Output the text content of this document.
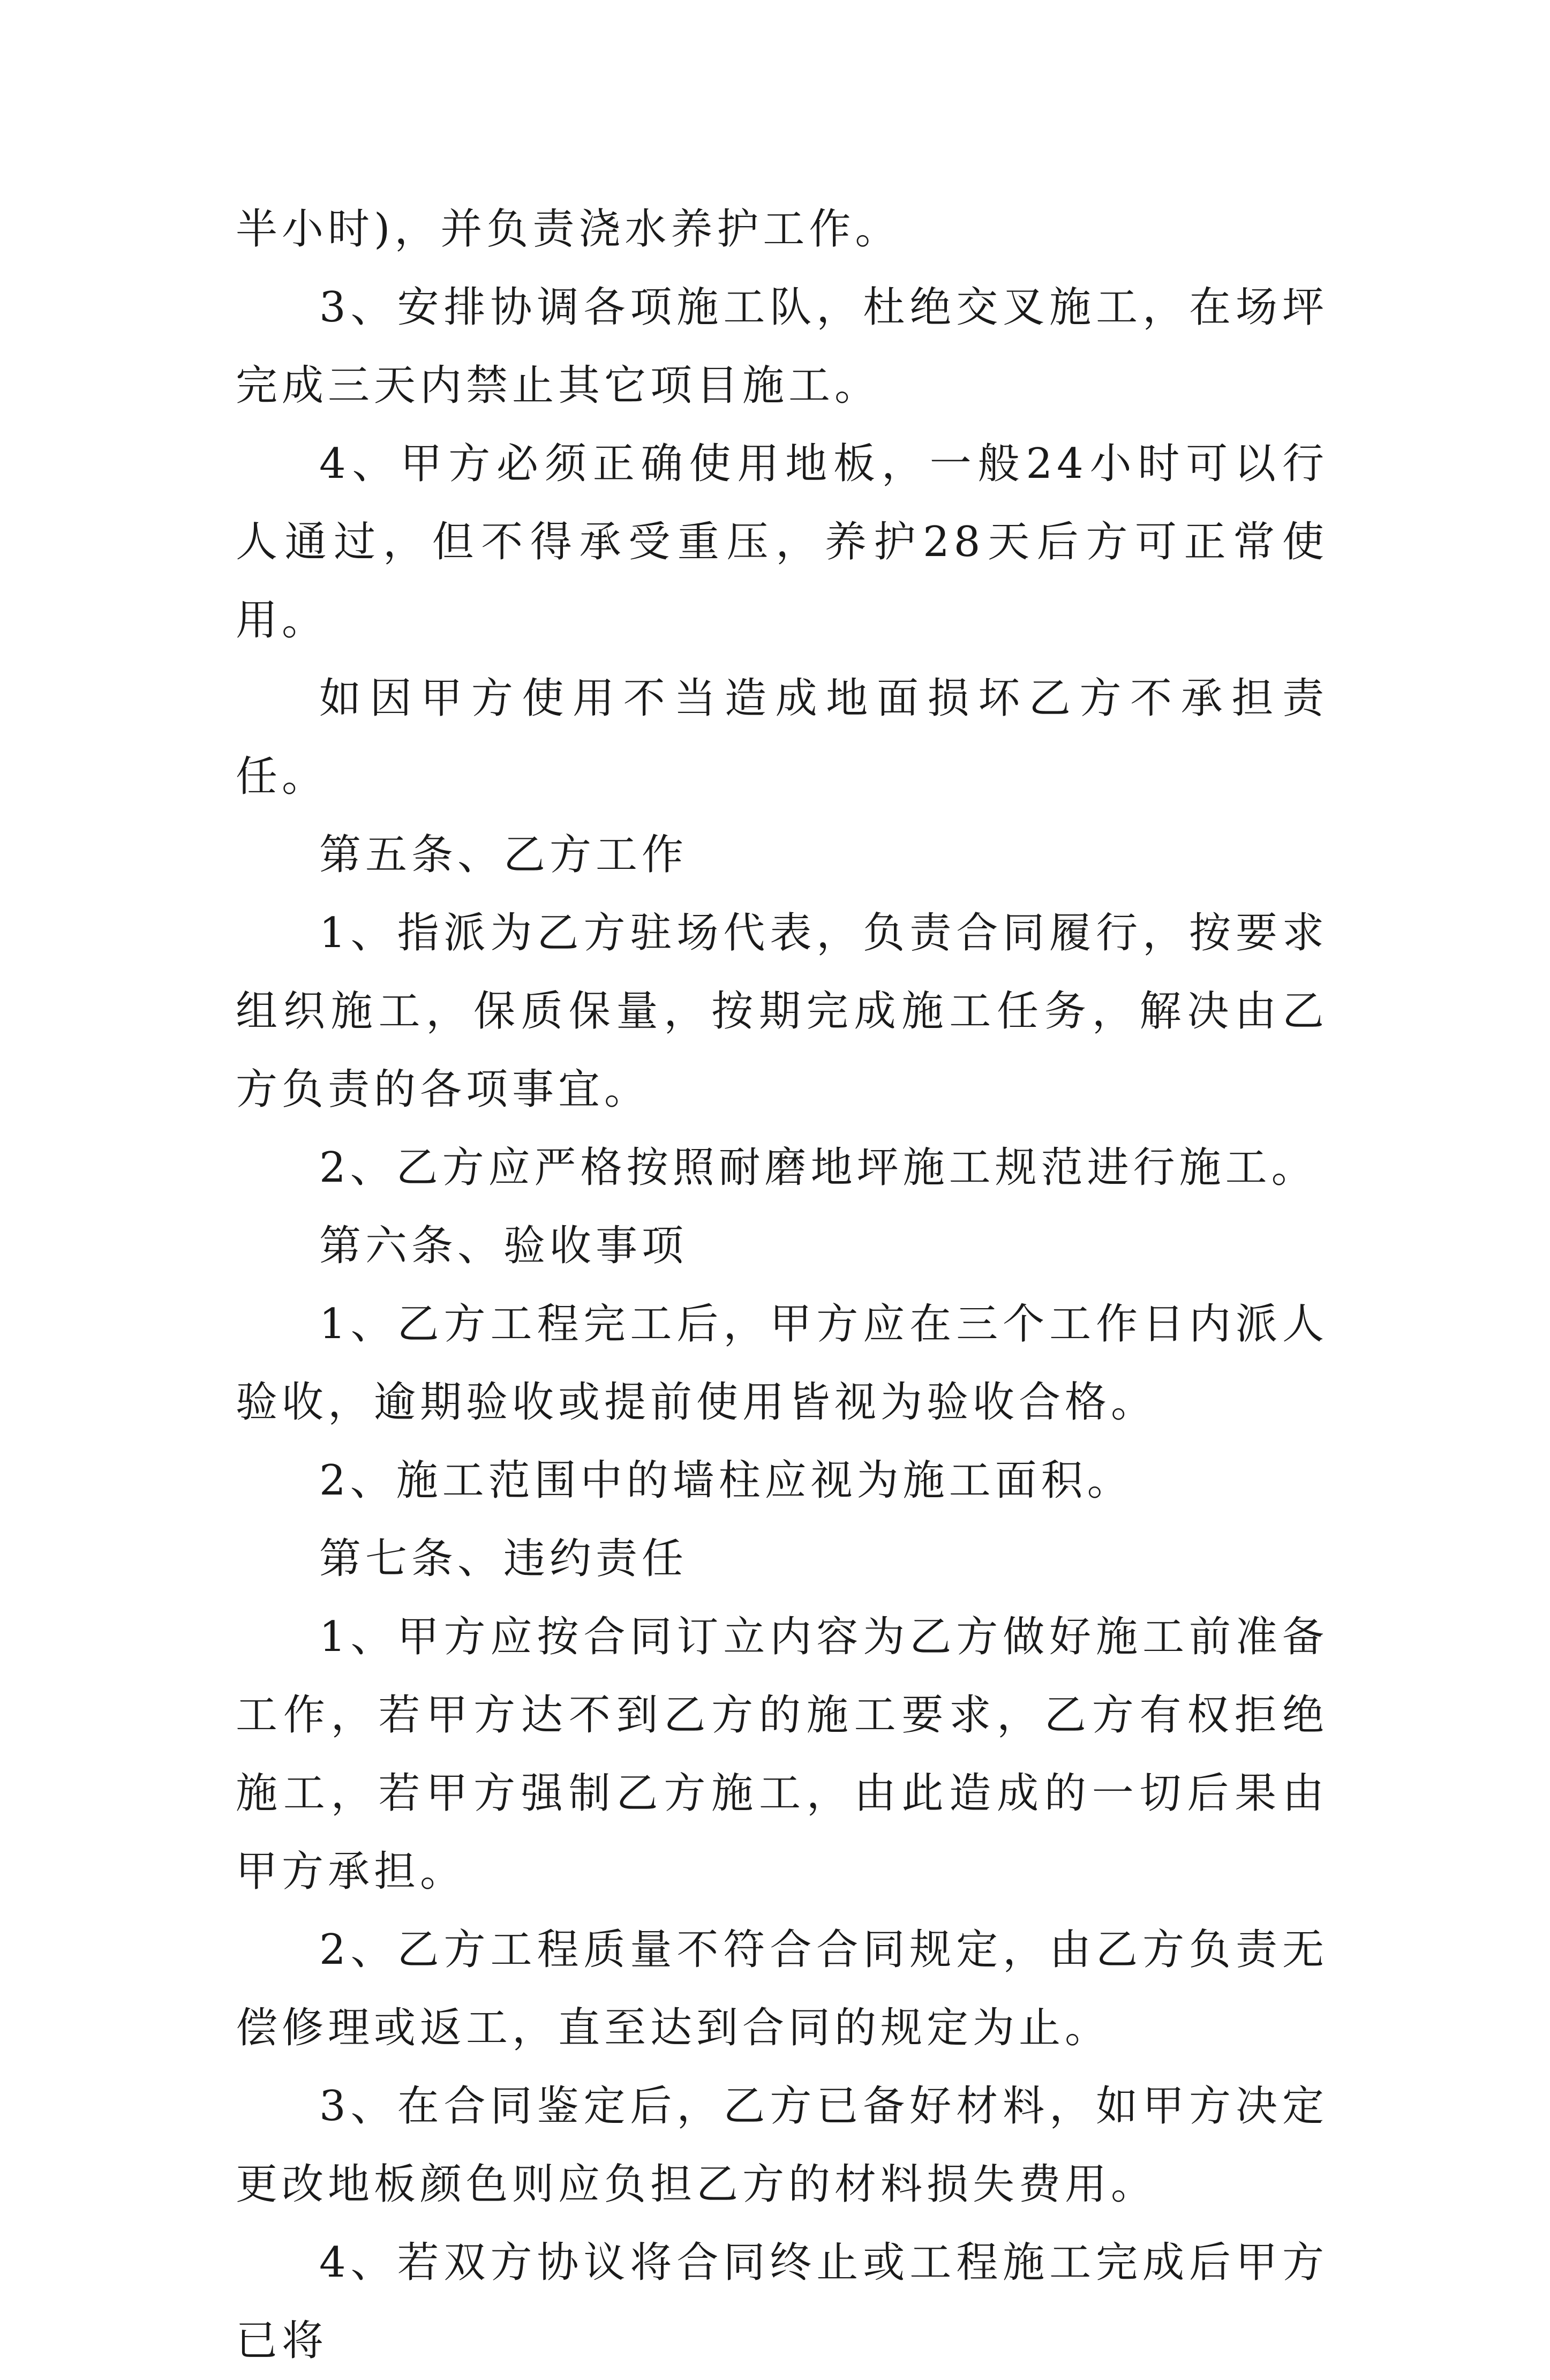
半小时)，并负责浇水养护工作。

3、安排协调各项施工队，杜绝交叉施工，在场坪完成三天内禁止其它项目施工。

4、甲方必须正确使用地板，一般24小时可以行人通过，但不得承受重压，养护28天后方可正常使用。

如因甲方使用不当造成地面损坏乙方不承担责任。

第五条、乙方工作

1、指派为乙方驻场代表，负责合同履行，按要求组织施工，保质保量，按期完成施工任务，解决由乙方负责的各项事宜。

2、乙方应严格按照耐磨地坪施工规范进行施工。

第六条、验收事项

1、乙方工程完工后，甲方应在三个工作日内派人验收，逾期验收或提前使用皆视为验收合格。

2、施工范围中的墙柱应视为施工面积。

第七条、违约责任

1、甲方应按合同订立内容为乙方做好施工前准备工作，若甲方达不到乙方的施工要求，乙方有权拒绝施工，若甲方强制乙方施工，由此造成的一切后果由甲方承担。

2、乙方工程质量不符合合同规定，由乙方负责无偿修理或返工，直至达到合同的规定为止。

3、在合同鉴定后，乙方已备好材料，如甲方决定更改地板颜色则应负担乙方的材料损失费用。

4、若双方协议将合同终止或工程施工完成后甲方已将
